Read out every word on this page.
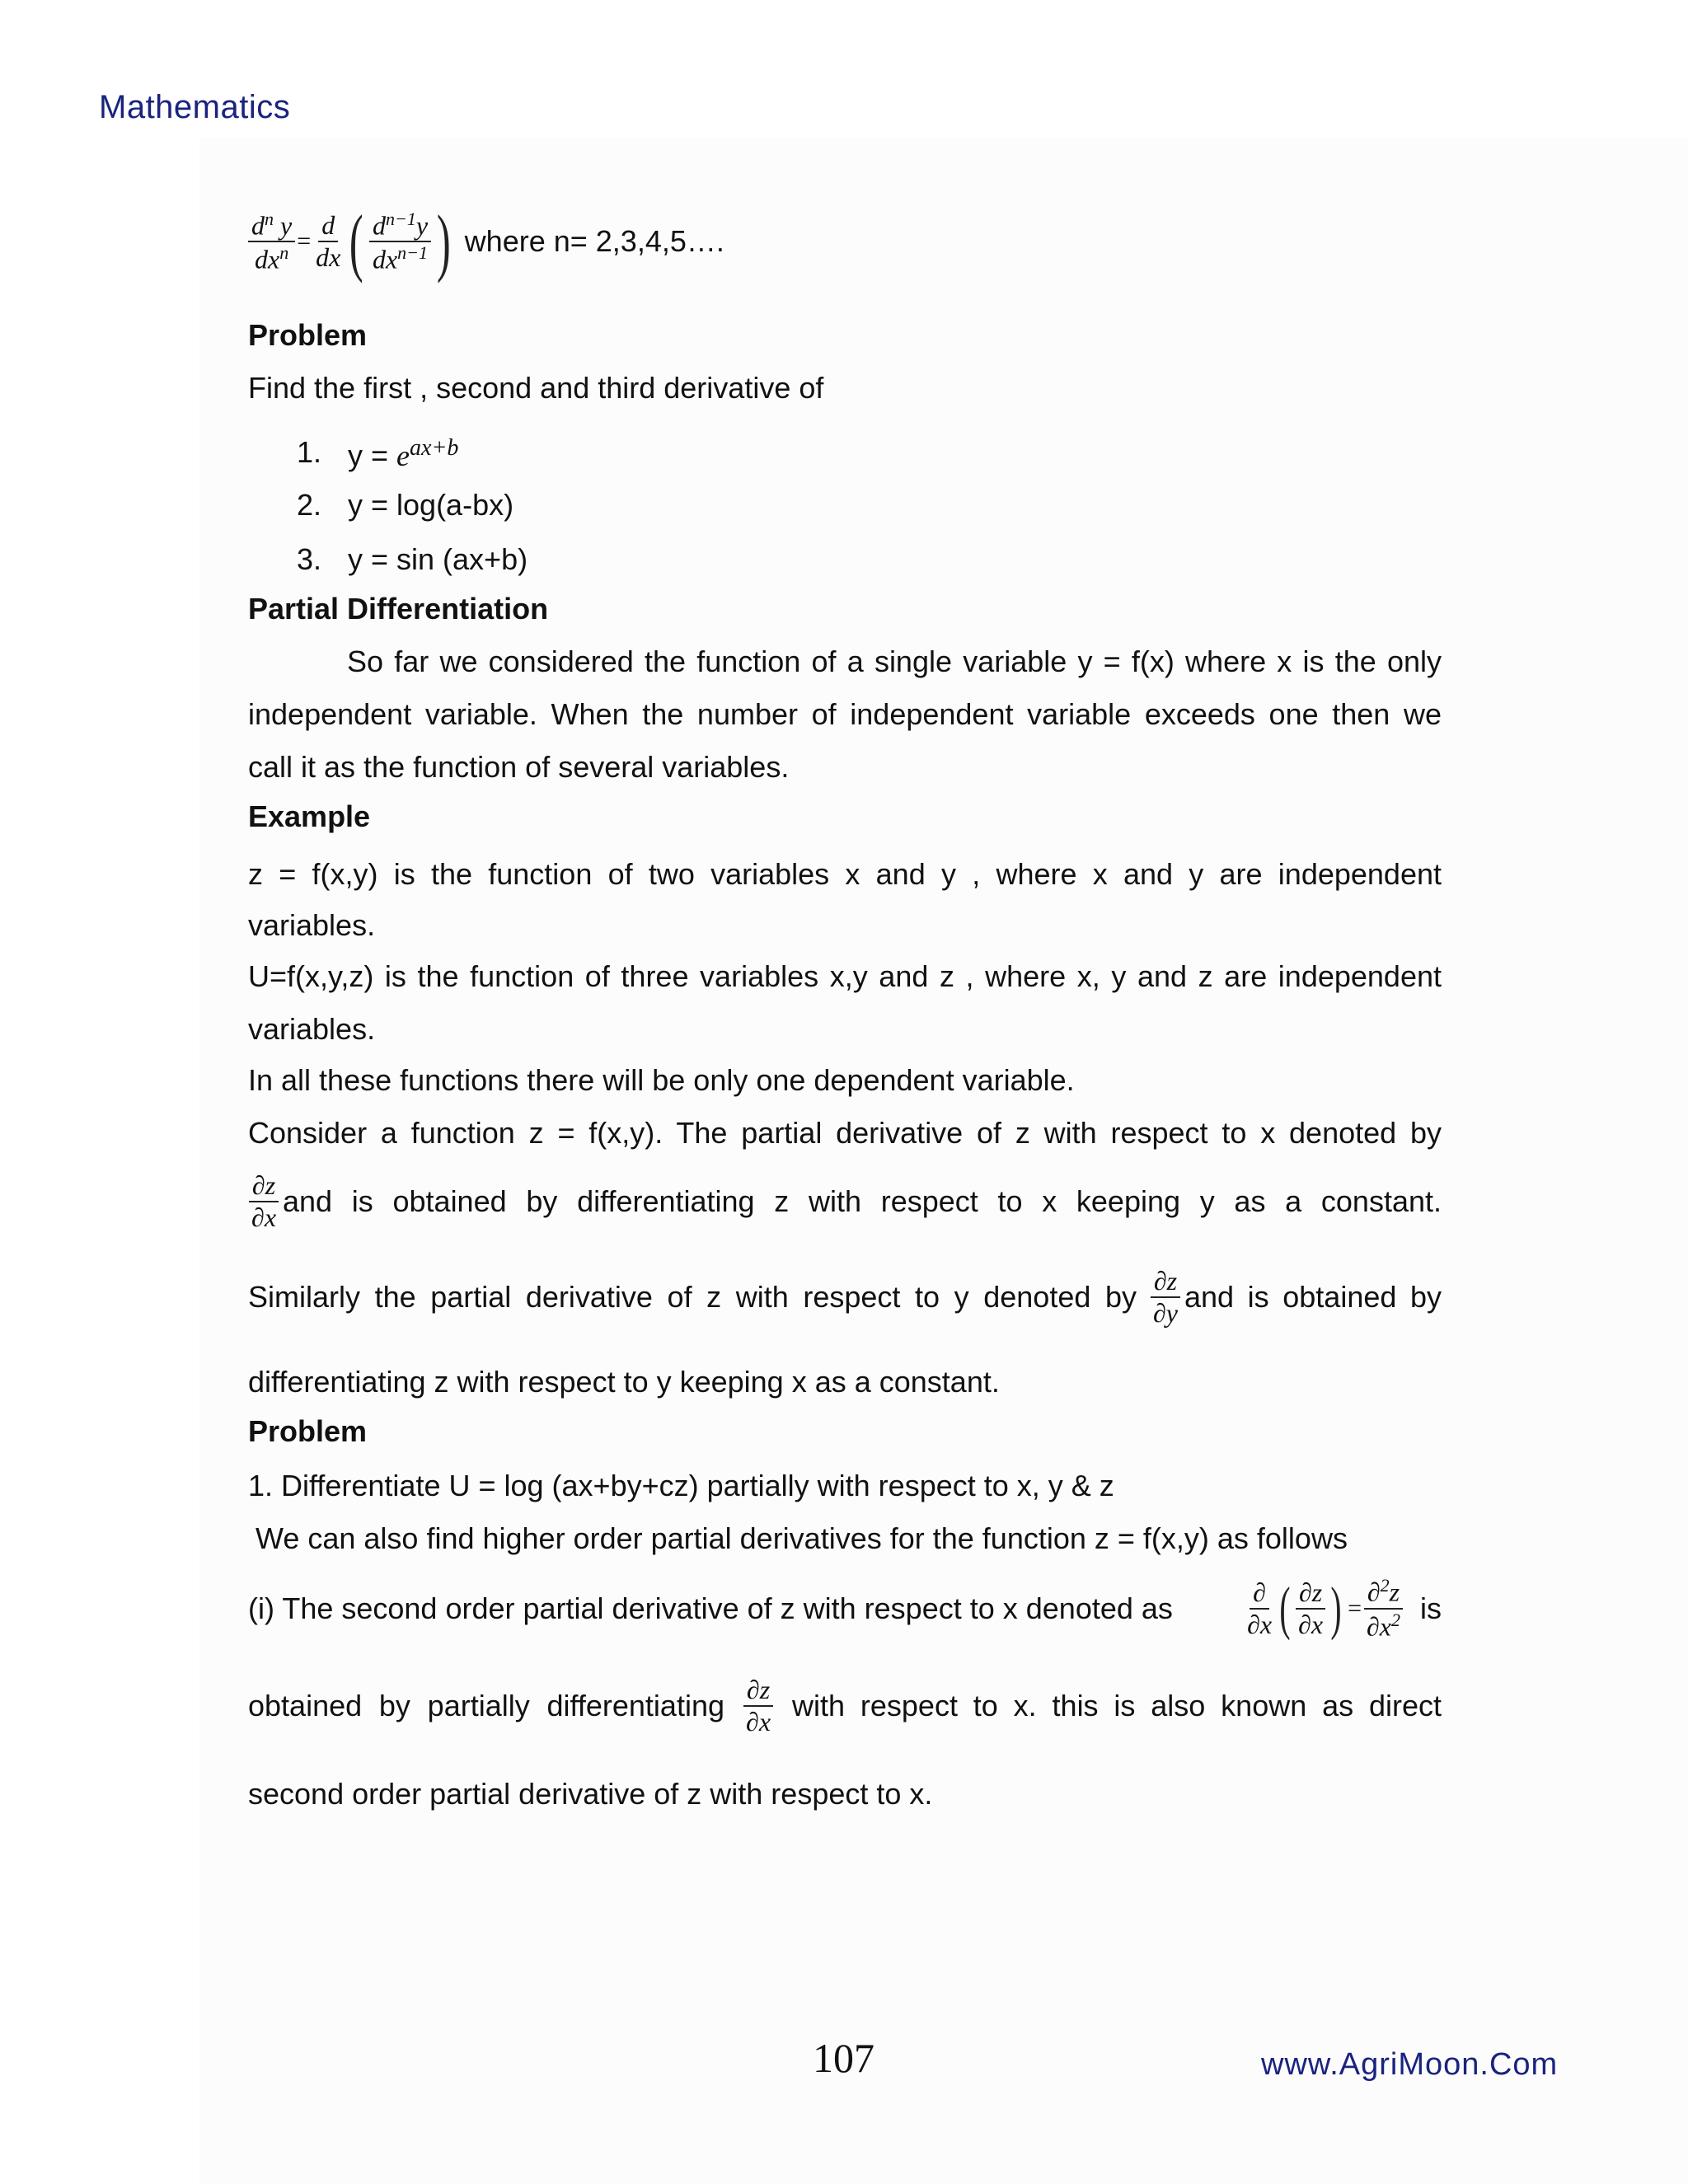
Mathematics
$\frac{d^n y}{dx^n} = \frac{d}{dx}$ ( $\frac{d^{n-1}y}{dx^{n-1}}$ ) where n= 2,3,4,5….
Problem
Find the first , second and third derivative of
1. $y = e^{ax+b}$
2. y = log(a-bx)
3. y = sin (ax+b)
Partial Differentiation
So far we considered the function of a single variable y = f(x) where x is the only
independent variable. When the number of independent variable exceeds one then we
call it as the function of several variables.
Example
z = f(x,y) is the function of two variables x and y , where x and y are independent
variables.
U=f(x,y,z) is the function of three variables x,y and z , where x, y and z are independent
variables.
In all these functions there will be only one dependent variable.
Consider a function z = f(x,y). The partial derivative of z with respect to x denoted by
$\frac{\partial z}{\partial x}$ and is obtained by differentiating z with respect to x keeping y as a constant.
Similarly the partial derivative of z with respect to y denoted by $\frac{\partial z}{\partial y}$ and is obtained by
differentiating z with respect to y keeping x as a constant.
Problem
1. Differentiate U = log (ax+by+cz) partially with respect to x, y & z
We can also find higher order partial derivatives for the function z = f(x,y) as follows
(i) The second order partial derivative of z with respect to x denoted as	$\frac{\partial}{\partial x}$ ( $\frac{\partial z}{\partial x}$ ) = $\frac{\partial^2z}{\partial x^2}$ is
obtained by partially differentiating $\frac{\partial z}{\partial x}$ with respect to x. this is also known as direct
second order partial derivative of z with respect to x.
107	www.AgriMoon.Com
